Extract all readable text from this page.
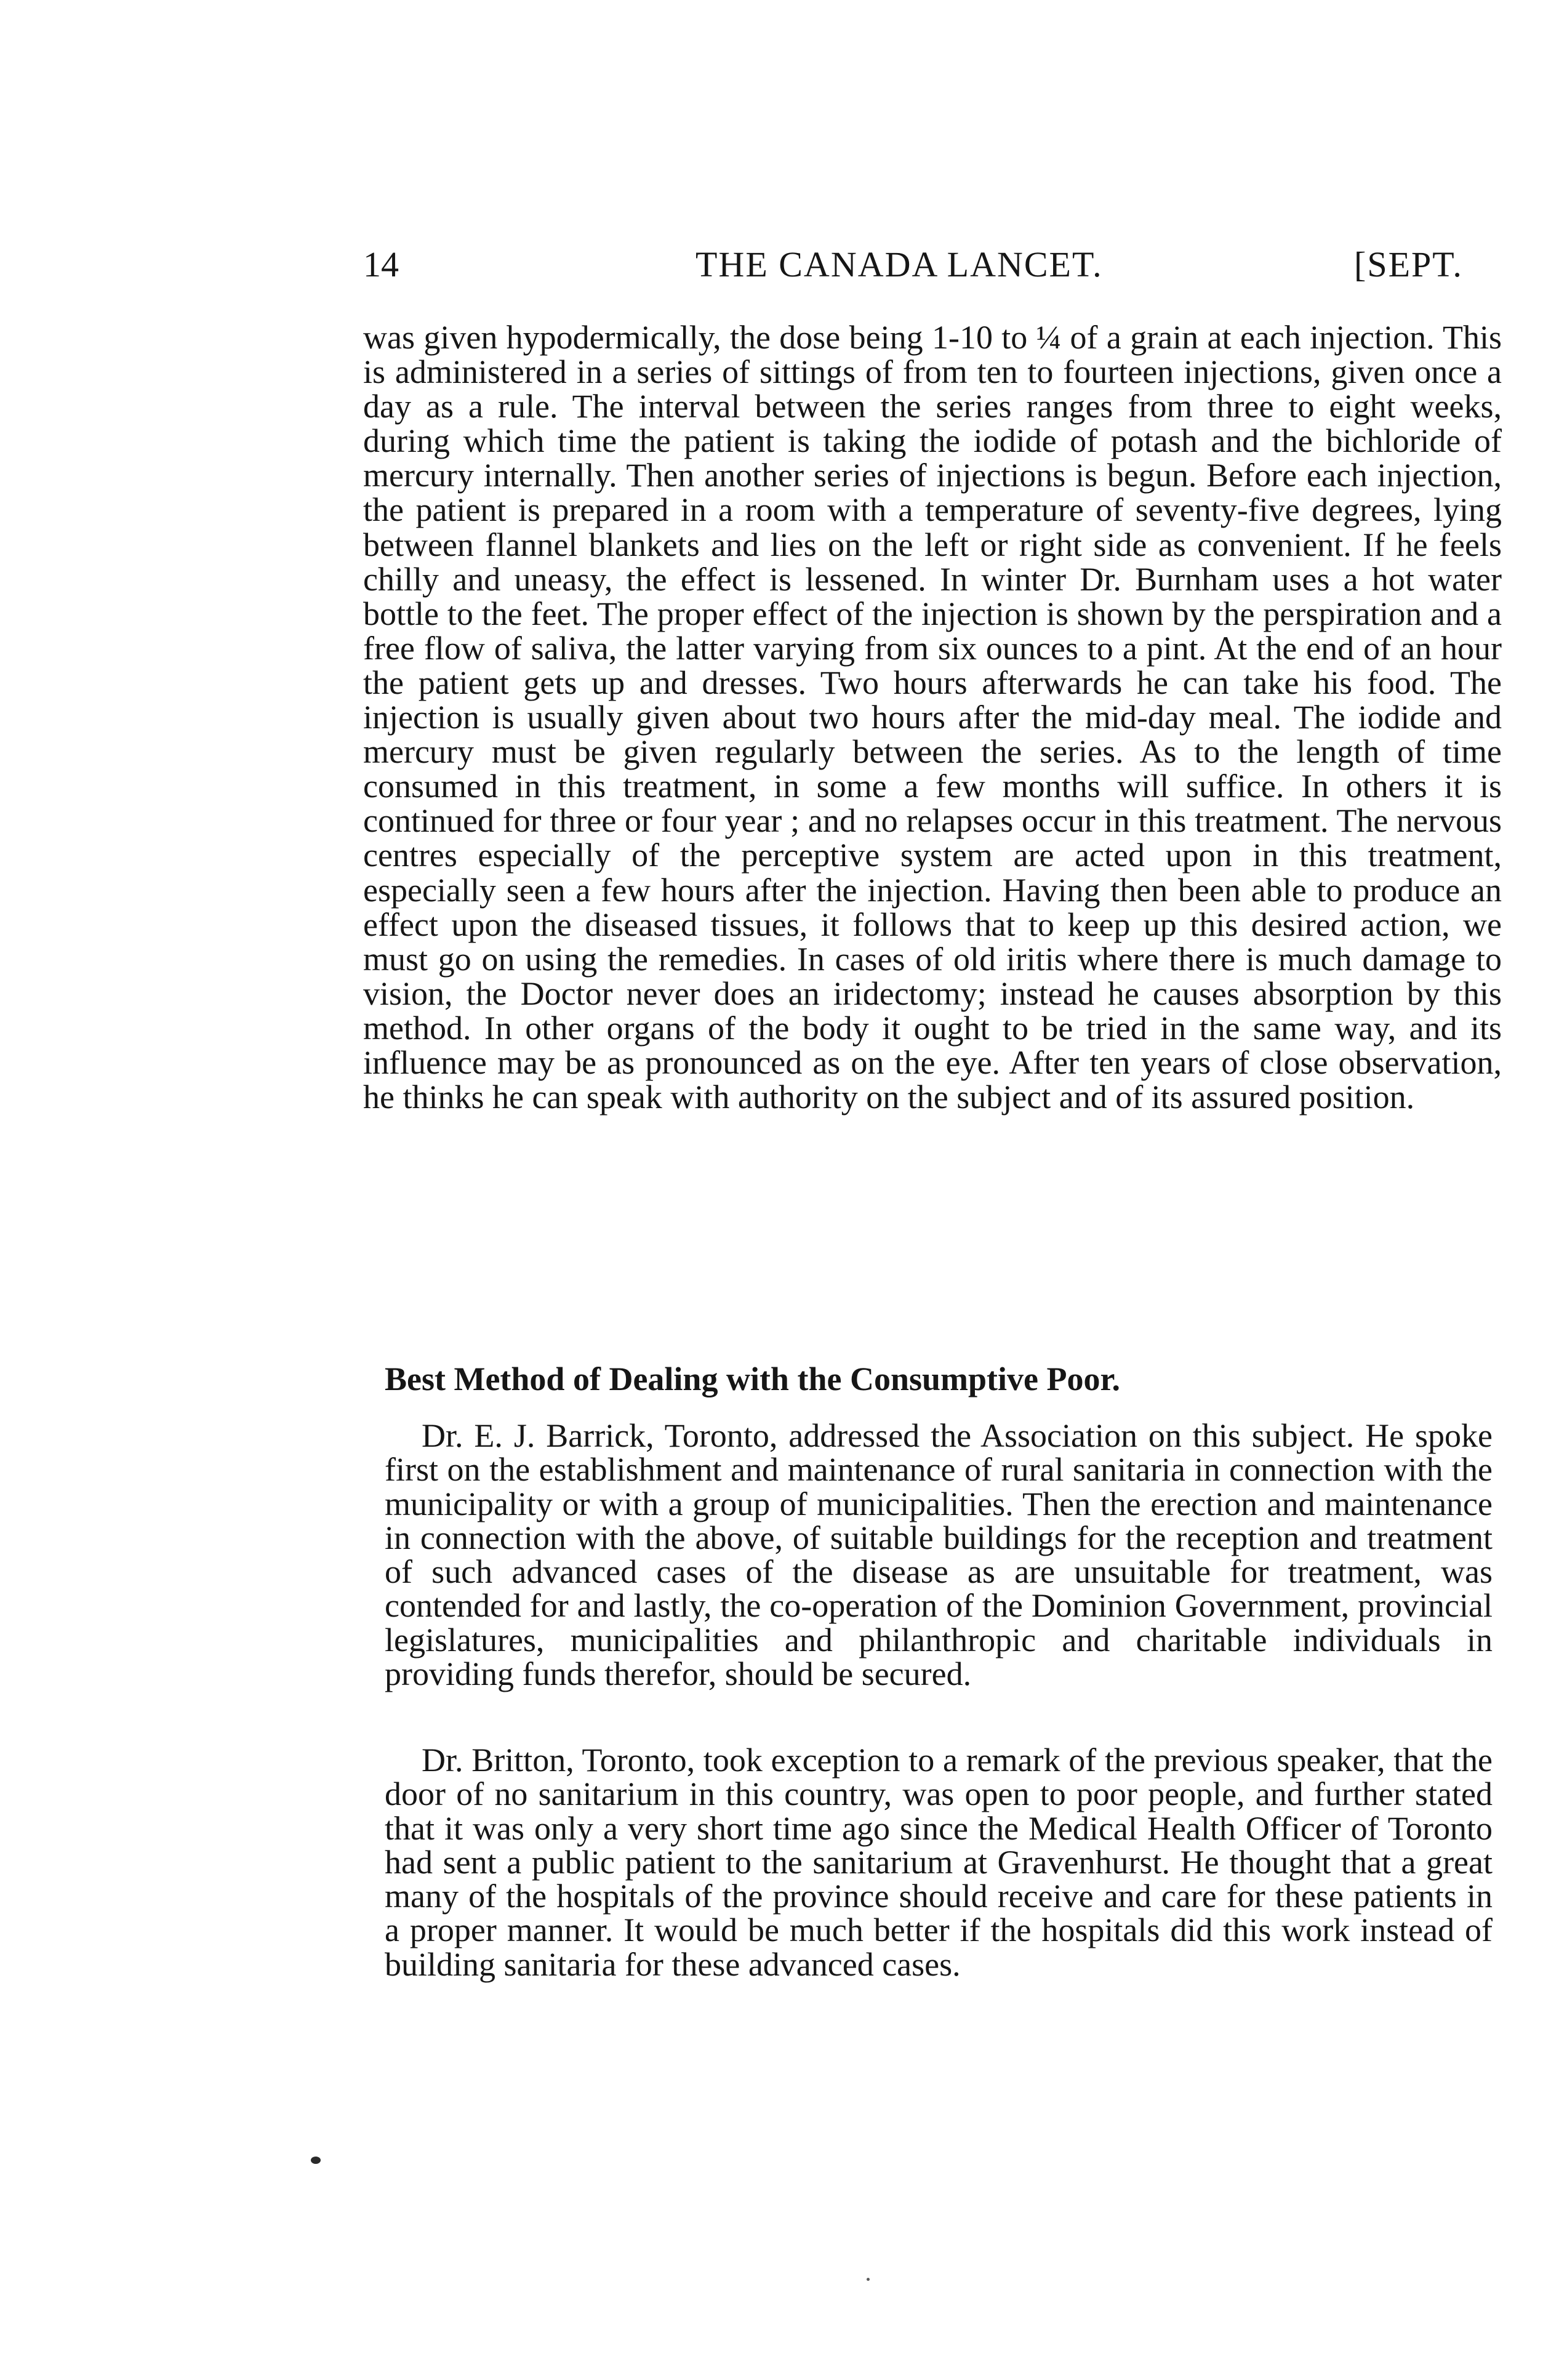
14	THE CANADA LANCET.	[SEPT.

was given hypodermically, the dose being 1-10 to ¼ of a grain at each injection. This is administered in a series of sittings of from ten to fourteen injections, given once a day as a rule. The interval between the series ranges from three to eight weeks, during which time the patient is taking the iodide of potash and the bichloride of mercury internally. Then another series of injections is begun. Before each injection, the patient is prepared in a room with a temperature of seventy-five degrees, lying between flannel blankets and lies on the left or right side as convenient. If he feels chilly and uneasy, the effect is lessened. In winter Dr. Burnham uses a hot water bottle to the feet. The proper effect of the injection is shown by the perspiration and a free flow of saliva, the latter varying from six ounces to a pint. At the end of an hour the patient gets up and dresses. Two hours afterwards he can take his food. The injection is usually given about two hours after the mid-day meal. The iodide and mercury must be given regularly between the series. As to the length of time consumed in this treatment, in some a few months will suffice. In others it is continued for three or four year ; and no relapses occur in this treatment. The nervous centres especially of the perceptive system are acted upon in this treatment, especially seen a few hours after the injection. Having then been able to produce an effect upon the diseased tissues, it follows that to keep up this desired action, we must go on using the remedies. In cases of old iritis where there is much damage to vision, the Doctor never does an iridectomy; instead he causes absorption by this method. In other organs of the body it ought to be tried in the same way, and its influence may be as pronounced as on the eye. After ten years of close observation, he thinks he can speak with authority on the subject and of its assured position.

Best Method of Dealing with the Consumptive Poor.

Dr. E. J. Barrick, Toronto, addressed the Association on this subject. He spoke first on the establishment and maintenance of rural sanitaria in connection with the municipality or with a group of municipalities. Then the erection and maintenance in connection with the above, of suitable buildings for the reception and treatment of such advanced cases of the disease as are unsuitable for treatment, was contended for and lastly, the co-operation of the Dominion Government, provincial legislatures, municipalities and philanthropic and charitable individuals in providing funds therefor, should be secured.

Dr. Britton, Toronto, took exception to a remark of the previous speaker, that the door of no sanitarium in this country, was open to poor people, and further stated that it was only a very short time ago since the Medical Health Officer of Toronto had sent a public patient to the sanitarium at Gravenhurst. He thought that a great many of the hospitals of the province should receive and care for these patients in a proper manner. It would be much better if the hospitals did this work instead of building sanitaria for these advanced cases.
